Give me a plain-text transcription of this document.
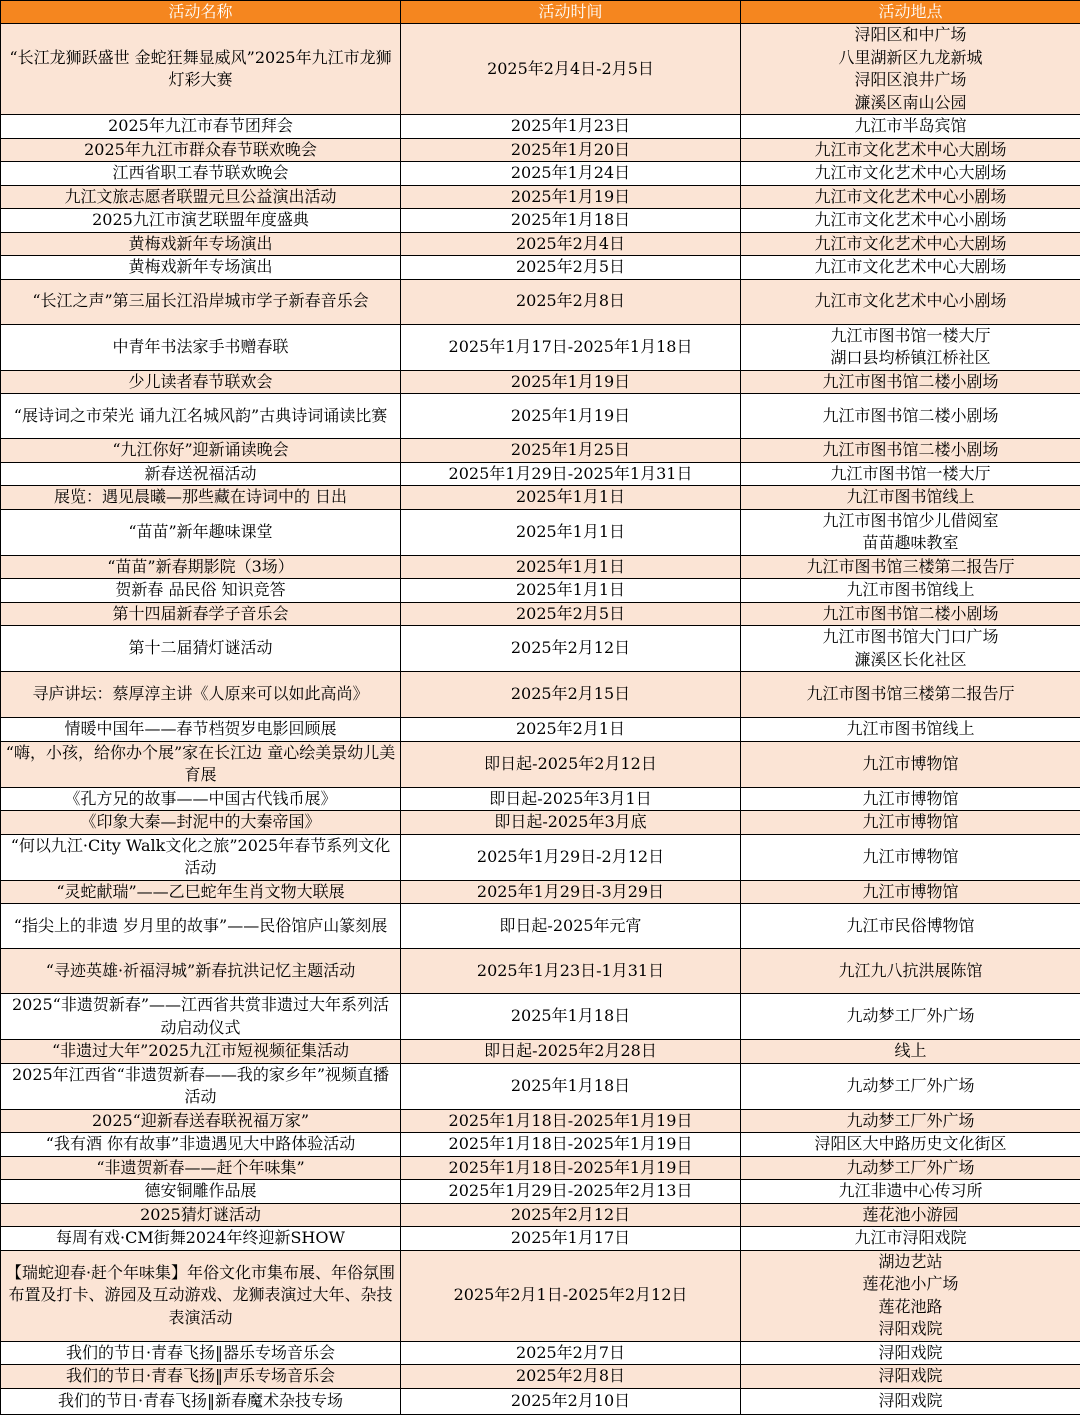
活动名称	活动时间	活动地点
“长江龙狮跃盛世 金蛇狂舞显威风”2025年九江市龙狮灯彩大赛	2025年2月4日-2月5日	浔阳区和中广场
八里湖新区九龙新城
浔阳区浪井广场
濂溪区南山公园

2025年九江市春节团拜会	2025年1月23日	九江市半岛宾馆

2025年九江市群众春节联欢晚会	2025年1月20日	九江市文化艺术中心大剧场

江西省职工春节联欢晚会	2025年1月24日	九江市文化艺术中心大剧场

九江文旅志愿者联盟元旦公益演出活动	2025年1月19日	九江市文化艺术中心小剧场

2025九江市演艺联盟年度盛典	2025年1月18日	九江市文化艺术中心小剧场

黄梅戏新年专场演出	2025年2月4日	九江市文化艺术中心大剧场

黄梅戏新年专场演出	2025年2月5日	九江市文化艺术中心大剧场

“长江之声”第三届长江沿岸城市学子新春音乐会	2025年2月8日	九江市文化艺术中心小剧场

中青年书法家手书赠春联	2025年1月17日-2025年1月18日	九江市图书馆一楼大厅
湖口县均桥镇江桥社区

少儿读者春节联欢会	2025年1月19日	九江市图书馆二楼小剧场

“展诗词之市荣光 诵九江名城风韵”古典诗词诵读比赛	2025年1月19日	九江市图书馆二楼小剧场

“九江你好”迎新诵读晚会	2025年1月25日	九江市图书馆二楼小剧场

新春送祝福活动	2025年1月29日-2025年1月31日	九江市图书馆一楼大厅

展览：遇见晨曦—那些藏在诗词中的 日出	2025年1月1日	九江市图书馆线上

“苗苗”新年趣味课堂	2025年1月1日	九江市图书馆少儿借阅室
苗苗趣味教室

“苗苗”新春期影院（3场）	2025年1月1日	九江市图书馆三楼第二报告厅

贺新春 品民俗 知识竞答	2025年1月1日	九江市图书馆线上

第十四届新春学子音乐会	2025年2月5日	九江市图书馆二楼小剧场

第十二届猜灯谜活动	2025年2月12日	九江市图书馆大门口广场
濂溪区长化社区

寻庐讲坛：蔡厚淳主讲《人原来可以如此高尚》	2025年2月15日	九江市图书馆三楼第二报告厅

情暖中国年——春节档贺岁电影回顾展	2025年2月1日	九江市图书馆线上

“嗨，小孩，给你办个展”家在长江边 童心绘美景幼儿美育展	即日起-2025年2月12日	九江市博物馆

《孔方兄的故事——中国古代钱币展》	即日起-2025年3月1日	九江市博物馆

《印象大秦—封泥中的大秦帝国》	即日起-2025年3月底	九江市博物馆

“何以九江·City Walk文化之旅”2025年春节系列文化活动	2025年1月29日-2月12日	九江市博物馆

“灵蛇献瑞”——乙巳蛇年生肖文物大联展	2025年1月29日-3月29日	九江市博物馆

“指尖上的非遗 岁月里的故事”——民俗馆庐山篆刻展	即日起-2025年元宵	九江市民俗博物馆

“寻迹英雄·祈福浔城”新春抗洪记忆主题活动	2025年1月23日-1月31日	九江九八抗洪展陈馆

2025“非遗贺新春”——江西省共赏非遗过大年系列活动启动仪式	2025年1月18日	九动梦工厂外广场

“非遗过大年”2025九江市短视频征集活动	即日起-2025年2月28日	线上

2025年江西省“非遗贺新春——我的家乡年”视频直播活动	2025年1月18日	九动梦工厂外广场

2025“迎新春送春联祝福万家”	2025年1月18日-2025年1月19日	九动梦工厂外广场

“我有酒 你有故事”非遗遇见大中路体验活动	2025年1月18日-2025年1月19日	浔阳区大中路历史文化街区

“非遗贺新春——赶个年味集”	2025年1月18日-2025年1月19日	九动梦工厂外广场

德安铜雕作品展	2025年1月29日-2025年2月13日	九江非遗中心传习所

2025猜灯谜活动	2025年2月12日	莲花池小游园

每周有戏·CM街舞2024年终迎新SHOW	2025年1月17日	九江市浔阳戏院

【瑞蛇迎春·赶个年味集】年俗文化市集布展、年俗氛围布置及打卡、游园及互动游戏、龙狮表演过大年、杂技表演活动	2025年2月1日-2025年2月12日	湖边艺站
莲花池小广场
莲花池路
浔阳戏院

我们的节日·青春飞扬‖器乐专场音乐会	2025年2月7日	浔阳戏院

我们的节日·青春飞扬‖声乐专场音乐会	2025年2月8日	浔阳戏院

我们的节日·青春飞扬‖新春魔术杂技专场	2025年2月10日	浔阳戏院
